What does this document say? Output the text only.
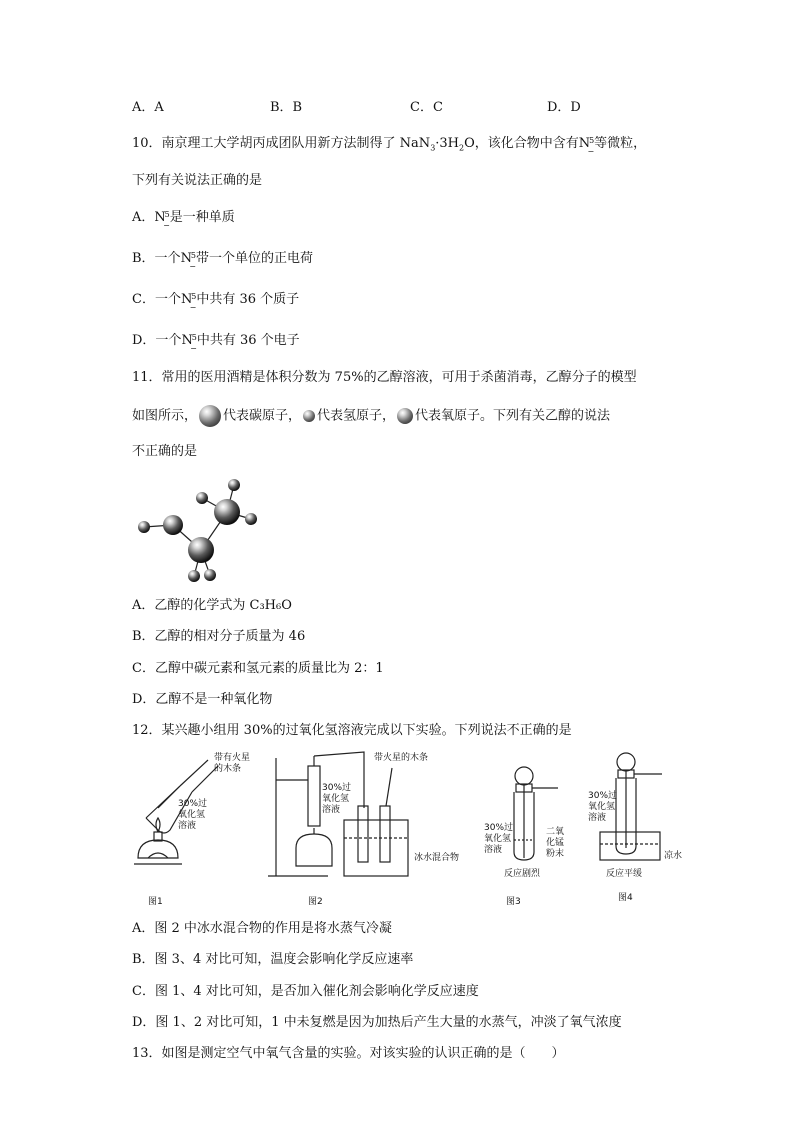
A．A	B．B	C．C	D．D
10．南京理工大学胡丙成团队用新方法制得了 $NaN_3\cdot 3H_2O$，该化合物中含有N
−
5 等微粒，
下列有关说法正确的是
A．N
−
5 是一种单质
B．一个N
−
5 带一个单位的正电荷
C．一个N
−
5 中共有 36 个质子
D．一个N
−
5 中共有 36 个电子
11．常用的医用酒精是体积分数为 75%的乙醇溶液，可用于杀菌消毒，乙醇分子的模型
如图所示， 代表碳原子， 代表氢原子， 代表氧原子。下列有关乙醇的说法
不正确的是
A．乙醇的化学式为 C₃H₆O
B．乙醇的相对分子质量为 46
C．乙醇中碳元素和氢元素的质量比为 2：1
D．乙醇不是一种氧化物
12．某兴趣小组用 30%的过氧化氢溶液完成以下实验。下列说法不正确的是
带有火星
的木条
30%过
氧化氢
溶液
带火星的木条
30%过
氧化氢
溶液
冰水混合物
30%过
氧化氢
溶液
二氧
化锰
粉末
反应剧烈
30%过
氧化氢
溶液
凉水
反应平缓
图1	图2	图3	图4
A．图 2 中冰水混合物的作用是将水蒸气冷凝
B．图 3、4 对比可知，温度会影响化学反应速率
C．图 1、4 对比可知，是否加入催化剂会影响化学反应速度
D．图 1、2 对比可知，1 中未复燃是因为加热后产生大量的水蒸气，冲淡了氧气浓度
13．如图是测定空气中氧气含量的实验。对该实验的认识正确的是（　　）
